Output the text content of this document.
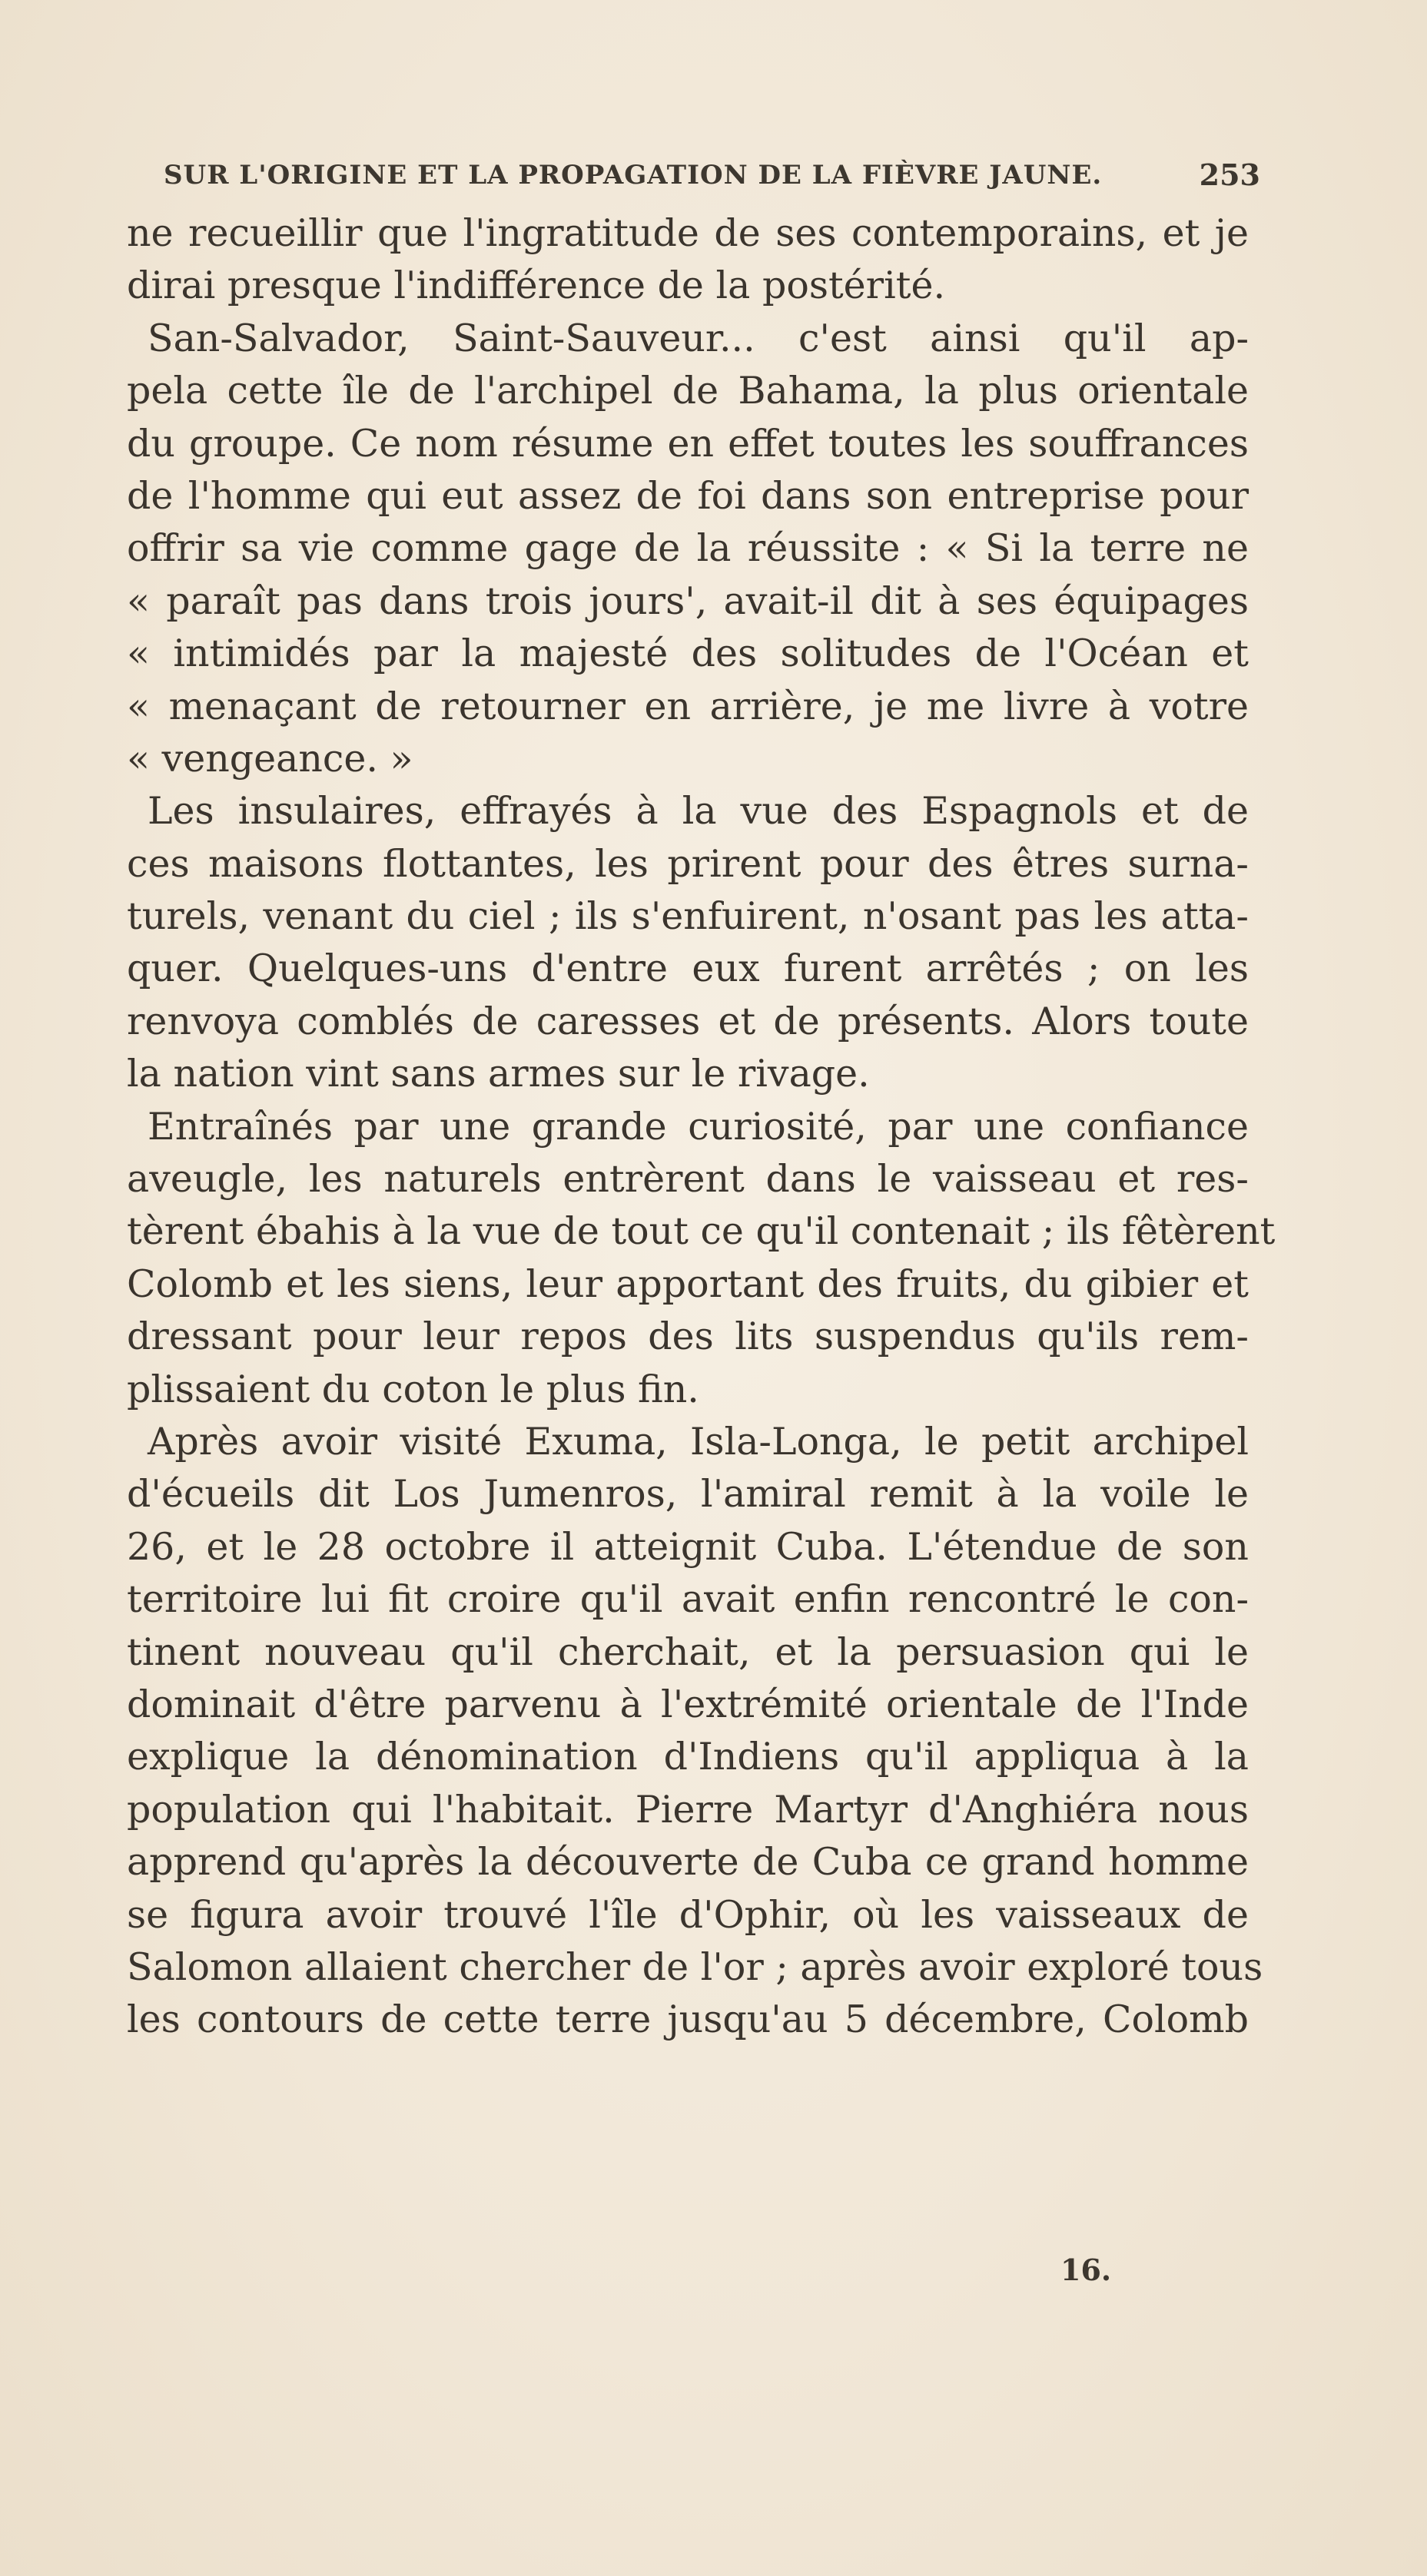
SUR L'ORIGINE ET LA PROPAGATION DE LA FIÈVRE JAUNE.	253
ne recueillir que l'ingratitude de ses contemporains, et je
dirai presque l'indifférence de la postérité.
San-Salvador, Saint-Sauveur... c'est ainsi qu'il ap-
pela cette île de l'archipel de Bahama, la plus orientale
du groupe. Ce nom résume en effet toutes les souffrances
de l'homme qui eut assez de foi dans son entreprise pour
offrir sa vie comme gage de la réussite : « Si la terre ne
« paraît pas dans trois jours', avait-il dit à ses équipages
« intimidés par la majesté des solitudes de l'Océan et
« menaçant de retourner en arrière, je me livre à votre
« vengeance. »
Les insulaires, effrayés à la vue des Espagnols et de
ces maisons flottantes, les prirent pour des êtres surna-
turels, venant du ciel ; ils s'enfuirent, n'osant pas les atta-
quer. Quelques-uns d'entre eux furent arrêtés ; on les
renvoya comblés de caresses et de présents. Alors toute
la nation vint sans armes sur le rivage.
Entraînés par une grande curiosité, par une confiance
aveugle, les naturels entrèrent dans le vaisseau et res-
tèrent ébahis à la vue de tout ce qu'il contenait ; ils fêtèrent
Colomb et les siens, leur apportant des fruits, du gibier et
dressant pour leur repos des lits suspendus qu'ils rem-
plissaient du coton le plus fin.
Après avoir visité Exuma, Isla-Longa, le petit archipel
d'écueils dit Los Jumenros, l'amiral remit à la voile le
26, et le 28 octobre il atteignit Cuba. L'étendue de son
territoire lui fit croire qu'il avait enfin rencontré le con-
tinent nouveau qu'il cherchait, et la persuasion qui le
dominait d'être parvenu à l'extrémité orientale de l'Inde
explique la dénomination d'Indiens qu'il appliqua à la
population qui l'habitait. Pierre Martyr d'Anghiéra nous
apprend qu'après la découverte de Cuba ce grand homme
se figura avoir trouvé l'île d'Ophir, où les vaisseaux de
Salomon allaient chercher de l'or ; après avoir exploré tous
les contours de cette terre jusqu'au 5 décembre, Colomb
16.
